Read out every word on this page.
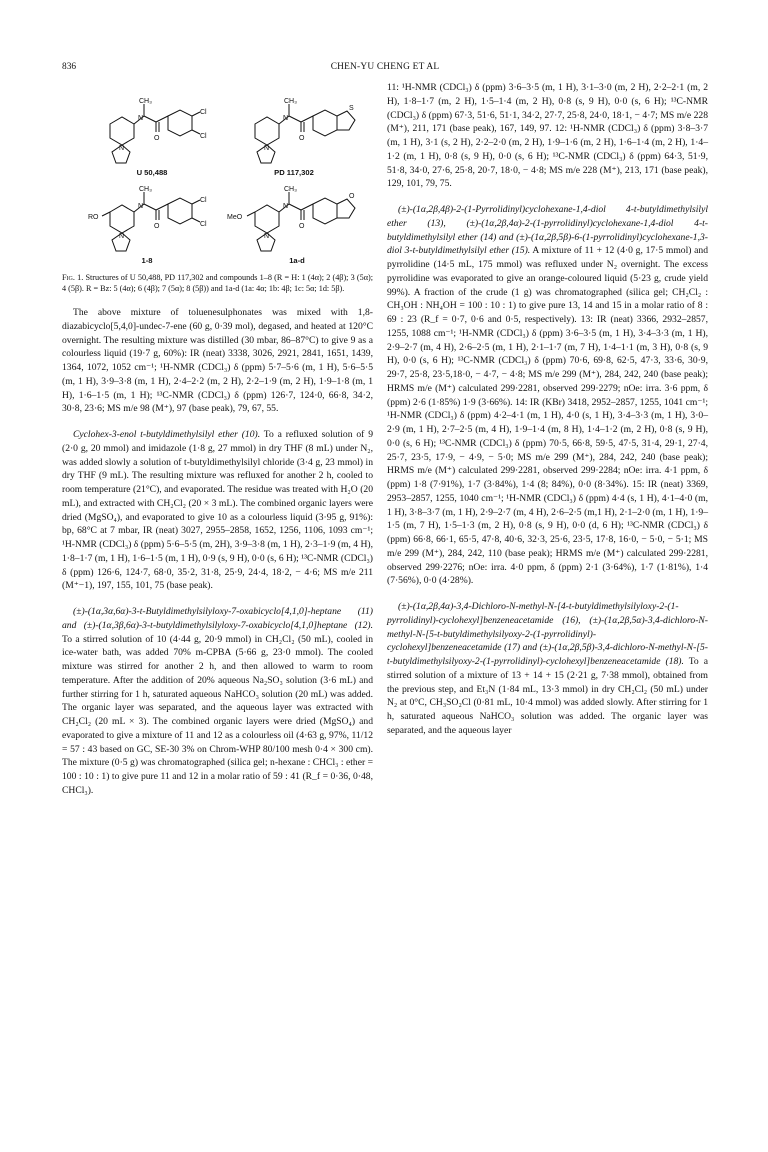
836	CHEN-YU CHENG ET AL
CH₃
N
O
Cl
Cl
N
CH₃
N
O
S
N
RO
CH₃
N
O
Cl
Cl
N
MeO
CH₃
N
O
O
N
U 50,488	PD 117,302
1-8	1a-d

Fig. 1. Structures of U 50,488, PD 117,302 and compounds 1–8 (R = H: 1 (4α); 2 (4β); 3 (5α); 4 (5β). R = Bz: 5 (4α); 6 (4β); 7 (5α); 8 (5β)) and 1a-d (1a: 4α; 1b: 4β; 1c: 5α; 1d: 5β).

The above mixture of toluenesulphonates was mixed with 1,8-diazabicyclo[5,4,0]-undec-7-ene (60 g, 0·39 mol), degased, and heated at 120°C overnight. The resulting mixture was distilled (30 mbar, 86–87°C) to give 9 as a colourless liquid (19·7 g, 60%): IR (neat) 3338, 3026, 2921, 2841, 1651, 1439, 1364, 1072, 1052 cm⁻¹; ¹H-NMR (CDCl₃) δ (ppm) 5·7–5·6 (m, 1 H), 5·6–5·5 (m, 1 H), 3·9–3·8 (m, 1 H), 2·4–2·2 (m, 2 H), 2·2–1·9 (m, 2 H), 1·9–1·8 (m, 1 H), 1·6–1·5 (m, 1 H); ¹³C-NMR (CDCl₃) δ (ppm) 126·7, 124·0, 66·8, 34·2, 30·8, 23·6; MS m/e 98 (M⁺), 97 (base peak), 79, 67, 55.

Cyclohex-3-enol t-butyldimethylsilyl ether (10). To a refluxed solution of 9 (2·0 g, 20 mmol) and imidazole (1·8 g, 27 mmol) in dry THF (8 mL) under N₂, was added slowly a solution of t-butyldimethylsilyl chloride (3·4 g, 23 mmol) in dry THF (9 mL). The resulting mixture was refluxed for another 2 h, cooled to room temperature (21°C), and evaporated. The residue was treated with H₂O (20 mL), and extracted with CH₂Cl₂ (20 × 3 mL). The combined organic layers were dried (MgSO₄), and evaporated to give 10 as a colourless liquid (3·95 g, 91%): bp, 68°C at 7 mbar, IR (neat) 3027, 2955–2858, 1652, 1256, 1106, 1093 cm⁻¹; ¹H-NMR (CDCl₃) δ (ppm) 5·6–5·5 (m, 2H), 3·9–3·8 (m, 1 H), 2·3–1·9 (m, 4 H), 1·8–1·7 (m, 1 H), 1·6–1·5 (m, 1 H), 0·9 (s, 9 H), 0·0 (s, 6 H); ¹³C-NMR (CDCl₃) δ (ppm) 126·6, 124·7, 68·0, 35·2, 31·8, 25·9, 24·4, 18·2, − 4·6; MS m/e 211 (M⁺−1), 197, 155, 101, 75 (base peak).

(±)-(1α,3α,6α)-3-t-Butyldimethylsilyloxy-7-oxabicyclo[4,1,0]-heptane (11) and (±)-(1α,3β,6α)-3-t-butyldimethylsilyloxy-7-oxabicyclo[4,1,0]heptane (12). To a stirred solution of 10 (4·44 g, 20·9 mmol) in CH₂Cl₂ (50 mL), cooled in ice-water bath, was added 70% m-CPBA (5·66 g, 23·0 mmol). The cooled mixture was stirred for another 2 h, and then allowed to warm to room temperature. After the addition of 20% aqueous Na₂SO₃ solution (3·6 mL) and further stirring for 1 h, saturated aqueous NaHCO₃ solution (20 mL) was added. The organic layer was separated, and the aqueous layer was extracted with CH₂Cl₂ (20 mL × 3). The combined organic layers were dried (MgSO₄) and evaporated to give a mixture of 11 and 12 as a colourless oil (4·63 g, 97%, 11/12 = 57 : 43 based on GC, SE-30 3% on Chrom-WHP 80/100 mesh 0·4 × 300 cm). The mixture (0·5 g) was chromatographed (silica gel; n-hexane : CHCl₃ : ether = 100 : 10 : 1) to give pure 11 and 12 in a molar ratio of 59 : 41 (R_f = 0·36, 0·48, CHCl₃).

11: ¹H-NMR (CDCl₃) δ (ppm) 3·6–3·5 (m, 1 H), 3·1–3·0 (m, 2 H), 2·2–2·1 (m, 2 H), 1·8–1·7 (m, 2 H), 1·5–1·4 (m, 2 H), 0·8 (s, 9 H), 0·0 (s, 6 H); ¹³C-NMR (CDCl₃) δ (ppm) 67·3, 51·6, 51·1, 34·2, 27·7, 25·8, 24·0, 18·1, − 4·7; MS m/e 228 (M⁺), 211, 171 (base peak), 167, 149, 97. 12: ¹H-NMR (CDCl₃) δ (ppm) 3·8–3·7 (m, 1 H), 3·1 (s, 2 H), 2·2–2·0 (m, 2 H), 1·9–1·6 (m, 2 H), 1·6–1·4 (m, 2 H), 1·4–1·2 (m, 1 H), 0·8 (s, 9 H), 0·0 (s, 6 H); ¹³C-NMR (CDCl₃) δ (ppm) 64·3, 51·9, 51·8, 34·0, 27·6, 25·8, 20·7, 18·0, − 4·8; MS m/e 228 (M⁺), 213, 171 (base peak), 129, 101, 79, 75.

(±)-(1α,2β,4β)-2-(1-Pyrrolidinyl)cyclohexane-1,4-diol 4-t-butyldimethylsilyl ether (13), (±)-(1α,2β,4α)-2-(1-pyrrolidinyl)cyclohexane-1,4-diol 4-t-butyldimethylsilyl ether (14) and (±)-(1α,2β,5β)-6-(1-pyrrolidinyl)cyclohexane-1,3-diol 3-t-butyldimethylsilyl ether (15). A mixture of 11 + 12 (4·0 g, 17·5 mmol) and pyrrolidine (14·5 mL, 175 mmol) was refluxed under N₂ overnight. The excess pyrrolidine was evaporated to give an orange-coloured liquid (5·23 g, crude yield 99%). A fraction of the crude (1 g) was chromatographed (silica gel; CH₂Cl₂ : CH₃OH : NH₄OH = 100 : 10 : 1) to give pure 13, 14 and 15 in a molar ratio of 8 : 69 : 23 (R_f = 0·7, 0·6 and 0·5, respectively). 13: IR (neat) 3366, 2932–2857, 1255, 1088 cm⁻¹; ¹H-NMR (CDCl₃) δ (ppm) 3·6–3·5 (m, 1 H), 3·4–3·3 (m, 1 H), 2·9–2·7 (m, 4 H), 2·6–2·5 (m, 1 H), 2·1–1·7 (m, 7 H), 1·4–1·1 (m, 3 H), 0·8 (s, 9 H), 0·0 (s, 6 H); ¹³C-NMR (CDCl₃) δ (ppm) 70·6, 69·8, 62·5, 47·3, 33·6, 30·9, 29·7, 25·8, 23·5,18·0, − 4·7, − 4·8; MS m/e 299 (M⁺), 284, 242, 240 (base peak); HRMS m/e (M⁺) calculated 299·2281, observed 299·2279; nOe: irra. 3·6 ppm, δ (ppm) 2·6 (1·85%) 1·9 (3·66%). 14: IR (KBr) 3418, 2952–2857, 1255, 1041 cm⁻¹; ¹H-NMR (CDCl₃) δ (ppm) 4·2–4·1 (m, 1 H), 4·0 (s, 1 H), 3·4–3·3 (m, 1 H), 3·0–2·9 (m, 1 H), 2·7–2·5 (m, 4 H), 1·9–1·4 (m, 8 H), 1·4–1·2 (m, 2 H), 0·8 (s, 9 H), 0·0 (s, 6 H); ¹³C-NMR (CDCl₃) δ (ppm) 70·5, 66·8, 59·5, 47·5, 31·4, 29·1, 27·4, 25·7, 23·5, 17·9, − 4·9, − 5·0; MS m/e 299 (M⁺), 284, 242, 240 (base peak); HRMS m/e (M⁺) calculated 299·2281, observed 299·2284; nOe: irra. 4·1 ppm, δ (ppm) 1·8 (7·91%), 1·7 (3·84%), 1·4 (8; 84%), 0·0 (8·34%). 15: IR (neat) 3369, 2953–2857, 1255, 1040 cm⁻¹; ¹H-NMR (CDCl₃) δ (ppm) 4·4 (s, 1 H), 4·1–4·0 (m, 1 H), 3·8–3·7 (m, 1 H), 2·9–2·7 (m, 4 H), 2·6–2·5 (m,1 H), 2·1–2·0 (m, 1 H), 1·9–1·5 (m, 7 H), 1·5–1·3 (m, 2 H), 0·8 (s, 9 H), 0·0 (d, 6 H); ¹³C-NMR (CDCl₃) δ (ppm) 66·8, 66·1, 65·5, 47·8, 40·6, 32·3, 25·6, 23·5, 17·8, 16·0, − 5·0, − 5·1; MS m/e 299 (M⁺), 284, 242, 110 (base peak); HRMS m/e (M⁺) calculated 299·2281, observed 299·2276; nOe: irra. 4·0 ppm, δ (ppm) 2·1 (3·64%), 1·7 (1·81%), 1·4 (7·56%), 0·0 (4·28%).

(±)-(1α,2β,4α)-3,4-Dichloro-N-methyl-N-[4-t-butyldimethylsilyloxy-2-(1-pyrrolidinyl)-cyclohexyl]benzeneacetamide (16), (±)-(1α,2β,5α)-3,4-dichloro-N-methyl-N-[5-t-butyldimethylsilyoxy-2-(1-pyrrolidinyl)-cyclohexyl]benzeneacetamide (17) and (±)-(1α,2β,5β)-3,4-dichloro-N-methyl-N-[5-t-butyldimethylsilyoxy-2-(1-pyrrolidinyl)-cyclohexyl]benzeneacetamide (18). To a stirred solution of a mixture of 13 + 14 + 15 (2·21 g, 7·38 mmol), obtained from the previous step, and Et₃N (1·84 mL, 13·3 mmol) in dry CH₂Cl₂ (50 mL) under N₂ at 0°C, CH₃SO₂Cl (0·81 mL, 10·4 mmol) was added slowly. After stirring for 1 h, saturated aqueous NaHCO₃ solution was added. The organic layer was separated, and the aqueous layer
